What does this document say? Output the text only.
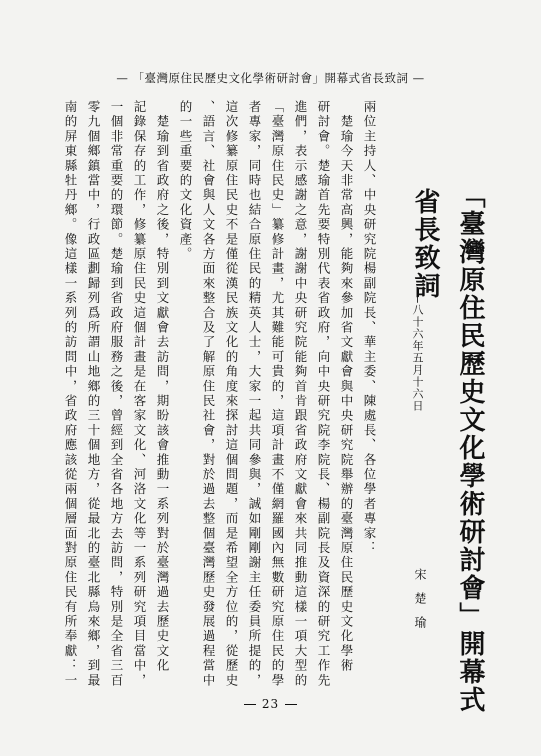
— 「臺灣原住民歷史文化學術研討會」開幕式省長致詞 —
「臺灣原住民歷史文化學術研討會」開幕式
省長致詞
|八十六年五月十六日
宋楚瑜
兩位主持人、中央研究院楊副院長、華主委、陳處長、各位學者專家：
　楚瑜今天非常高興，能夠來參加省文獻會與中央研究院舉辦的臺灣原住民歷史文化學術
研討會。楚瑜首先要特別代表省政府，向中央研究院李院長、楊副院長及資深的研究工作先
進們，表示感謝之意，謝謝中央研究院能夠首肯跟省政府文獻會來共同推動這樣一項大型的
「臺灣原住民史」纂修計畫，尤其難能可貴的，這項計畫不僅網羅國內無數研究原住民的學
者專家，同時也結合原住民的精英人士，大家一起共同參與，誠如剛剛謝主任委員所提的，
這次修纂原住民史不是僅從漢民族文化的角度來探討這個問題，而是希望全方位的，從歷史
、語言、社會與人文各方面來整合及了解原住民社會，對於過去整個臺灣歷史發展過程當中
的一些重要的文化資產。
　楚瑜到省政府之後，特別到文獻會去訪問，期盼該會推動一系列對於臺灣過去歷史文化
記錄保存的工作，修纂原住民史這個計畫是在客家文化、河洛文化等一系列研究項目當中，
一個非常重要的環節。楚瑜到省政府服務之後，曾經到全省各地方去訪問，特別是全省三百
零九個鄉鎮當中，行政區劃歸列爲所謂山地鄉的三十個地方，從最北的臺北縣烏來鄉，到最
南的屏東縣牡丹鄉。像這樣一系列的訪問中，省政府應該從兩個層面對原住民有所奉獻：一
23
